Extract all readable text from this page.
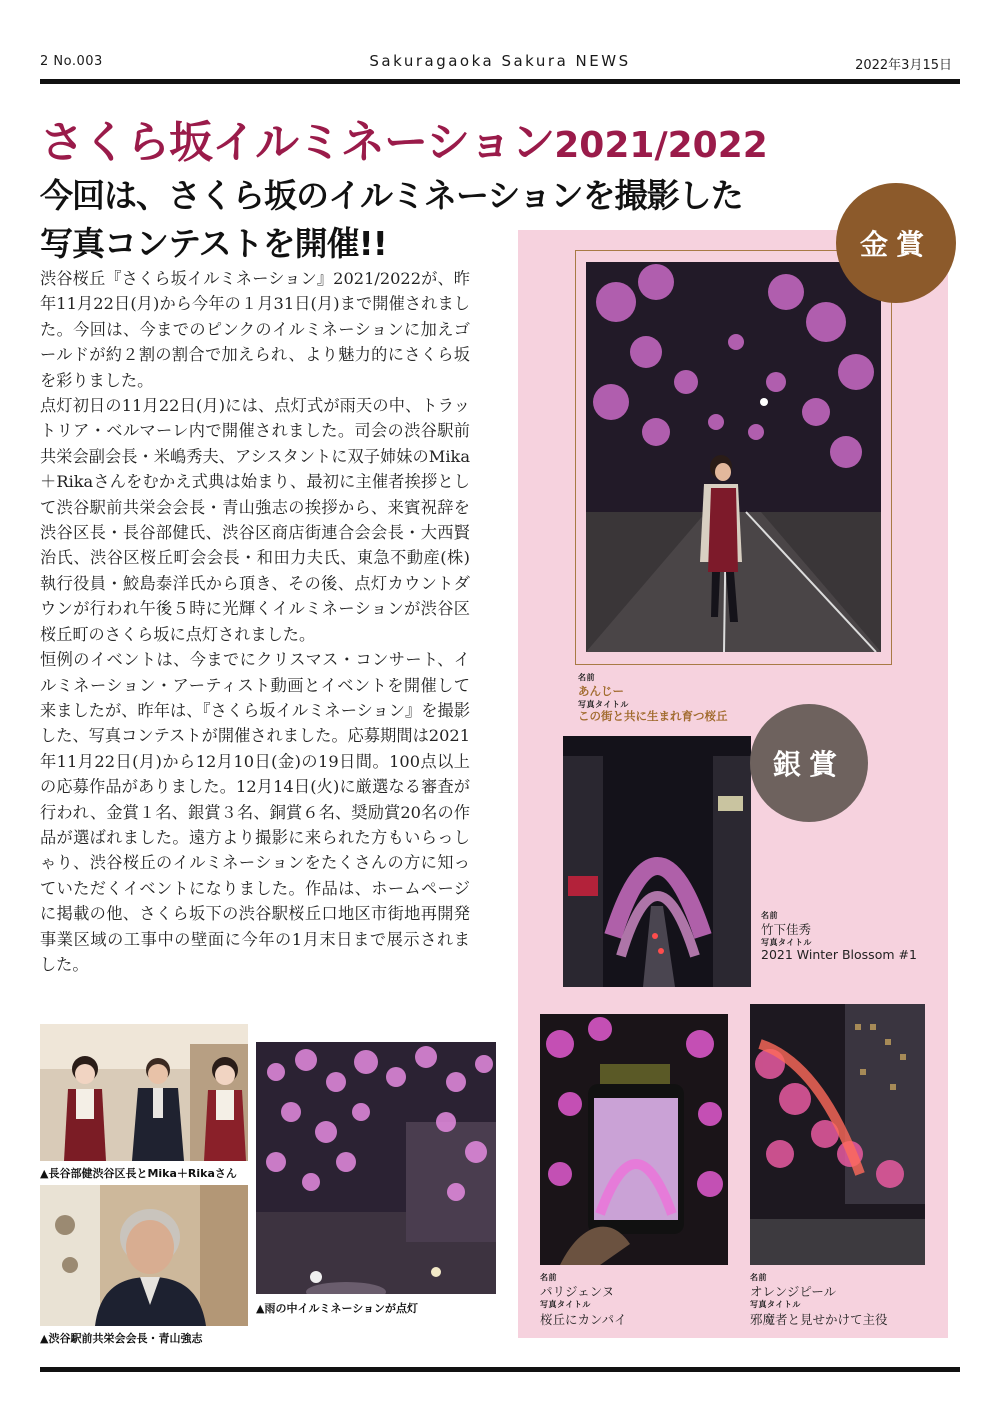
2 No.003	Sakuragaoka Sakura NEWS	2022年3月15日
さくら坂イルミネーション2021/2022
今回は、さくら坂のイルミネーションを撮影した
写真コンテストを開催!!

渋谷桜丘『さくら坂イルミネーション』2021/2022が、昨年11月22日(月)から今年の１月31日(月)まで開催されました。今回は、今までのピンクのイルミネーションに加えゴールドが約２割の割合で加えられ、より魅力的にさくら坂を彩りました。

点灯初日の11月22日(月)には、点灯式が雨天の中、トラットリア・ベルマーレ内で開催されました。司会の渋谷駅前共栄会副会長・米嶋秀夫、アシスタントに双子姉妹のMika＋Rikaさんをむかえ式典は始まり、最初に主催者挨拶として渋谷駅前共栄会会長・青山強志の挨拶から、来賓祝辞を渋谷区長・長谷部健氏、渋谷区商店街連合会会長・大西賢治氏、渋谷区桜丘町会会長・和田力夫氏、東急不動産(株)執行役員・鮫島泰洋氏から頂き、その後、点灯カウントダウンが行われ午後５時に光輝くイルミネーションが渋谷区桜丘町のさくら坂に点灯されました。

恒例のイベントは、今までにクリスマス・コンサート、イルミネーション・アーティスト動画とイベントを開催して来ましたが、昨年は、『さくら坂イルミネーション』を撮影した、写真コンテストが開催されました。応募期間は2021年11月22日(月)から12月10日(金)の19日間。100点以上の応募作品がありました。12月14日(火)に厳選なる審査が行われ、金賞１名、銀賞３名、銅賞６名、奨励賞20名の作品が選ばれました。遠方より撮影に来られた方もいらっしゃり、渋谷桜丘のイルミネーションをたくさんの方に知っていただくイベントになりました。作品は、ホームページに掲載の他、さくら坂下の渋谷駅桜丘口地区市街地再開発事業区域の工事中の壁面に今年の1月末日まで展示されました。

▲長谷部健渋谷区長とMika＋Rikaさん
▲渋谷駅前共栄会会長・青山強志
▲雨の中イルミネーションが点灯
金賞
名前
あんじー
写真タイトル
この街と共に生まれ育つ桜丘
銀賞
名前
竹下佳秀
写真タイトル
2021 Winter Blossom #1
名前
パリジェンヌ
写真タイトル
桜丘にカンパイ
名前
オレンジピール
写真タイトル
邪魔者と見せかけて主役
